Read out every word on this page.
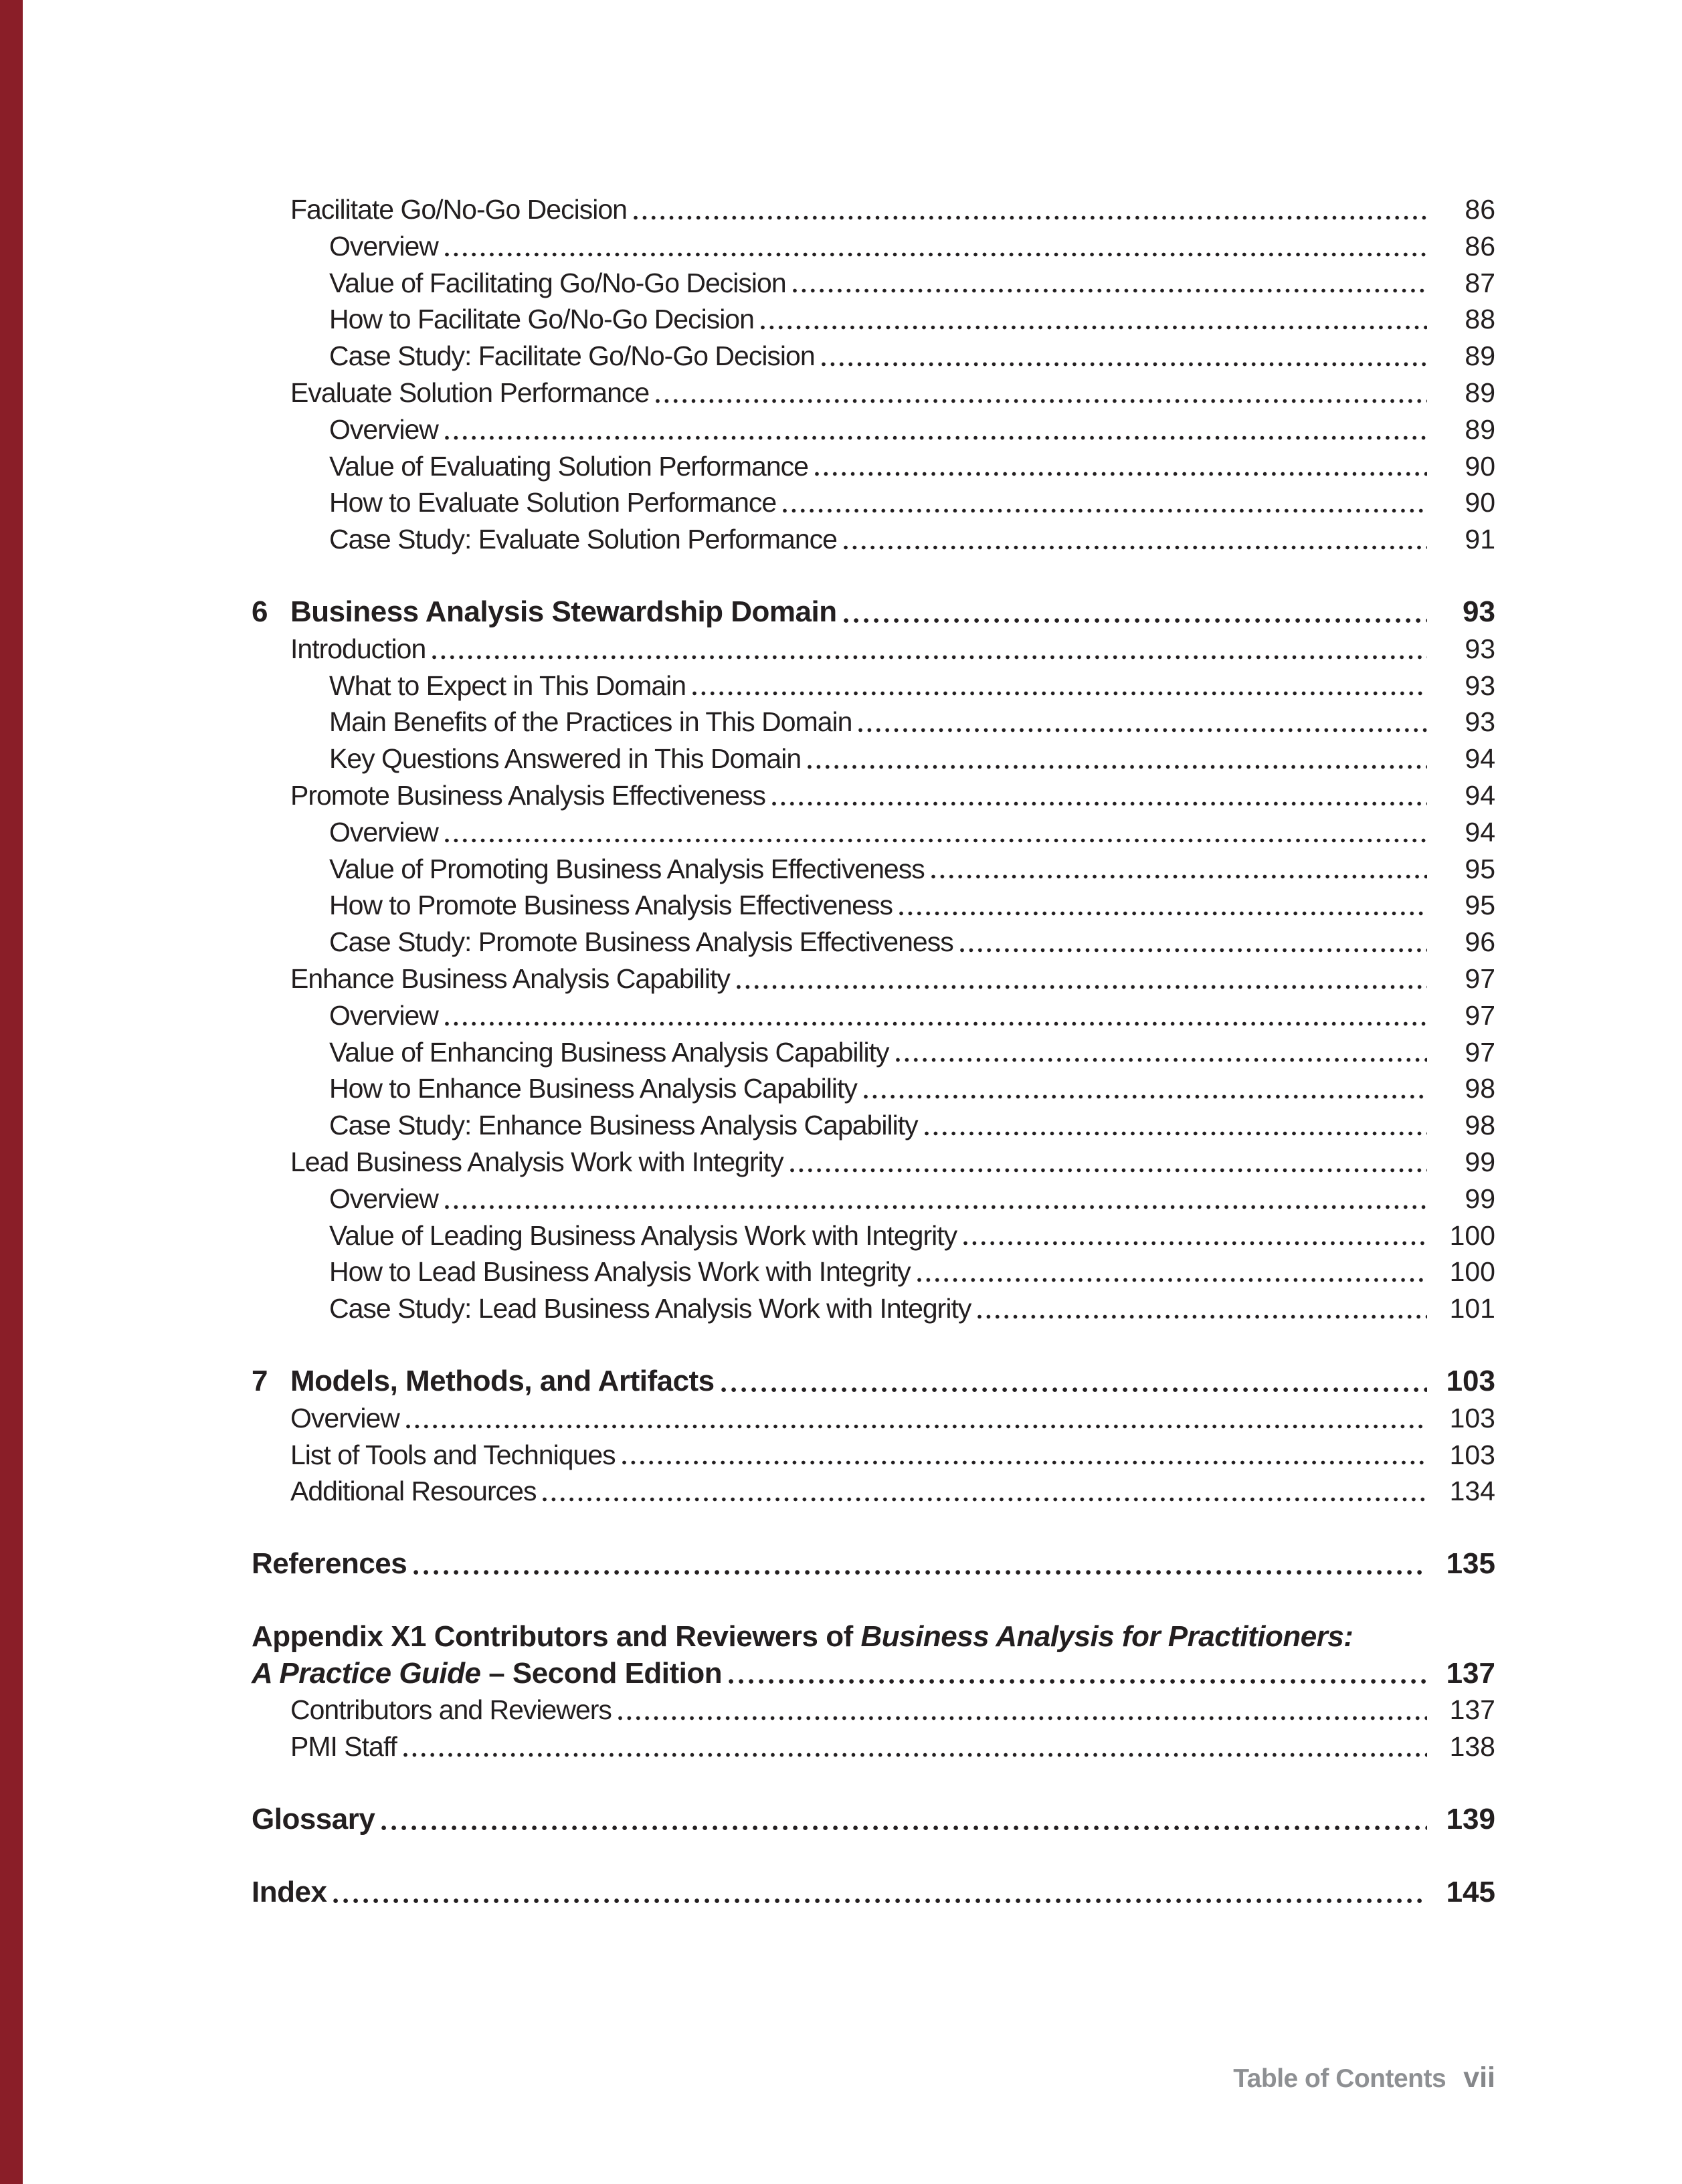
Facilitate Go/No-Go Decision	86
Overview	86
Value of Facilitating Go/No-Go Decision	87
How to Facilitate Go/No-Go Decision	88
Case Study: Facilitate Go/No-Go Decision	89
Evaluate Solution Performance	89
Overview	89
Value of Evaluating Solution Performance	90
How to Evaluate Solution Performance	90
Case Study: Evaluate Solution Performance	91
6 Business Analysis Stewardship Domain	93
Introduction	93
What to Expect in This Domain	93
Main Benefits of the Practices in This Domain	93
Key Questions Answered in This Domain	94
Promote Business Analysis Effectiveness	94
Overview	94
Value of Promoting Business Analysis Effectiveness	95
How to Promote Business Analysis Effectiveness	95
Case Study: Promote Business Analysis Effectiveness	96
Enhance Business Analysis Capability	97
Overview	97
Value of Enhancing Business Analysis Capability	97
How to Enhance Business Analysis Capability	98
Case Study: Enhance Business Analysis Capability	98
Lead Business Analysis Work with Integrity	99
Overview	99
Value of Leading Business Analysis Work with Integrity	100
How to Lead Business Analysis Work with Integrity	100
Case Study: Lead Business Analysis Work with Integrity	101
7 Models, Methods, and Artifacts	103
Overview	103
List of Tools and Techniques	103
Additional Resources	134
References	135
Appendix X1 Contributors and Reviewers of Business Analysis for Practitioners:
A Practice Guide – Second Edition	137
Contributors and Reviewers	137
PMI Staff	138
Glossary	139
Index	145
Table of Contents vii
